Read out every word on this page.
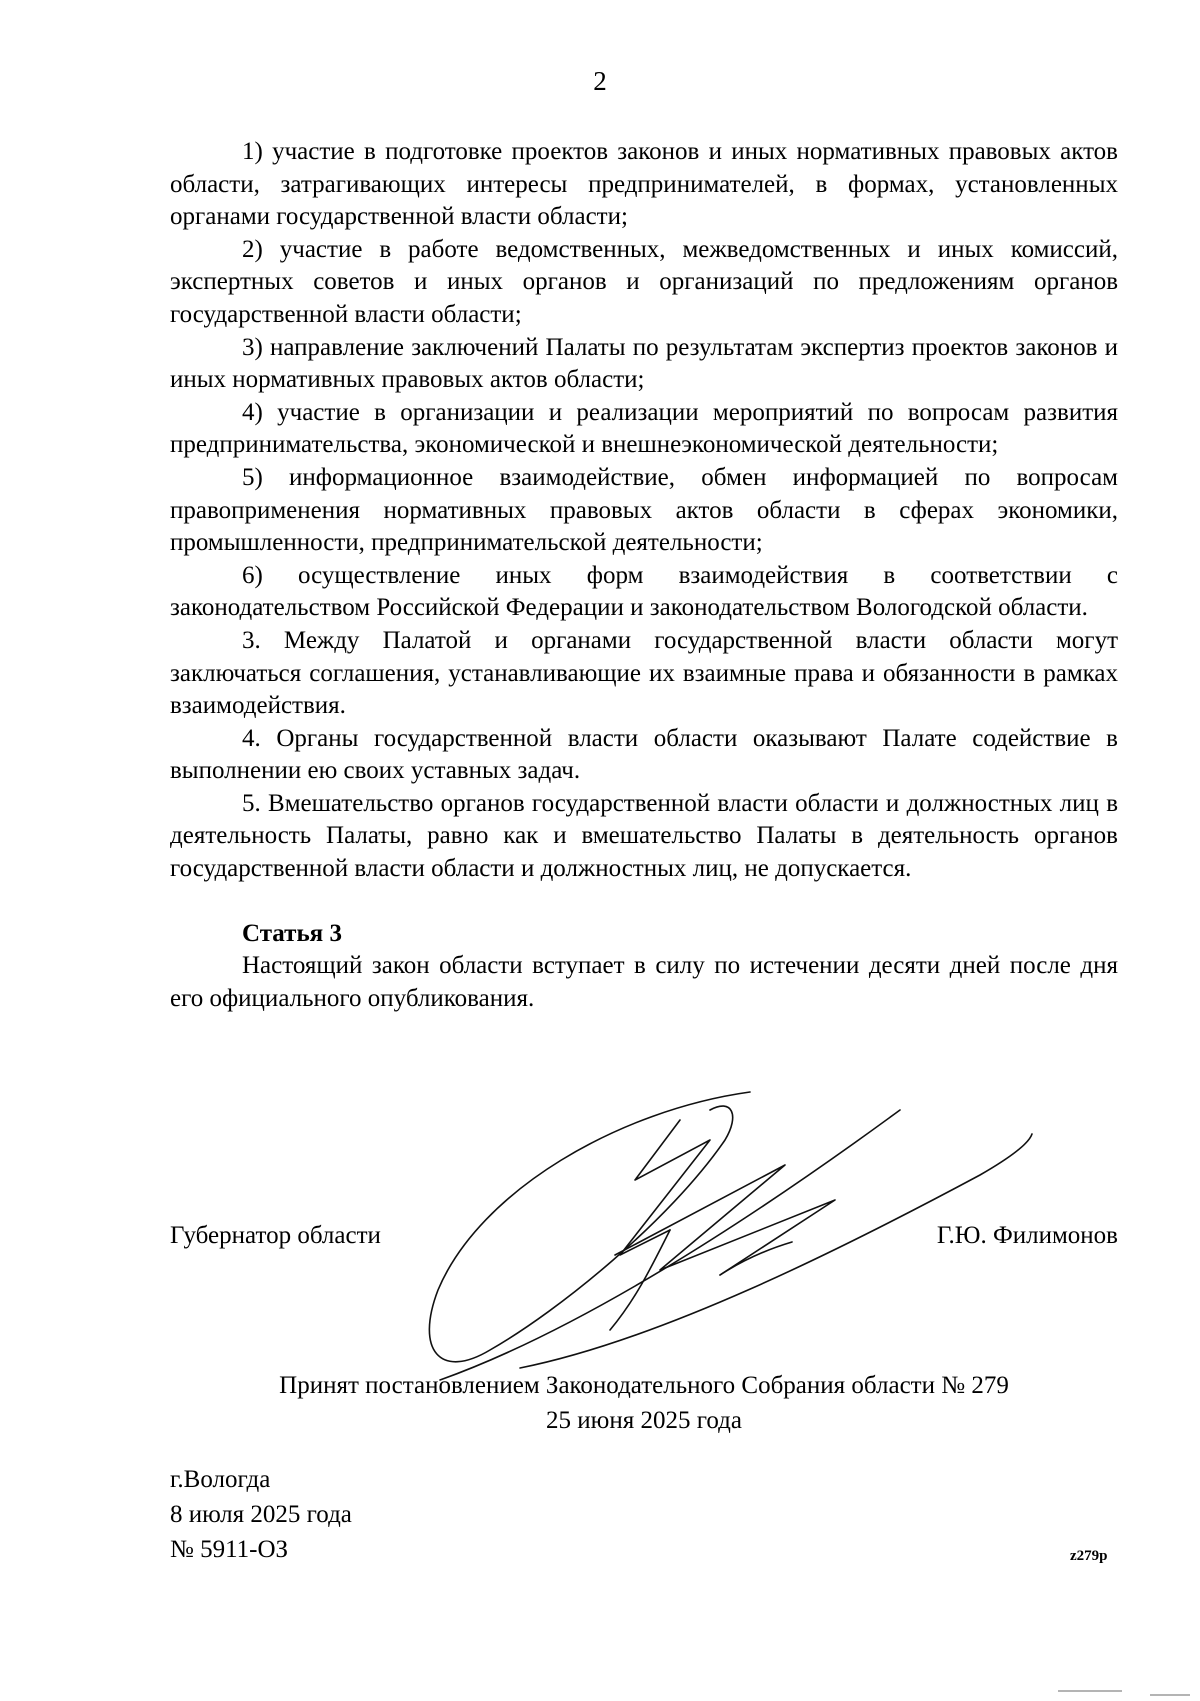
2

1) участие в подготовке проектов законов и иных нормативных правовых актов области, затрагивающих интересы предпринимателей, в формах, установленных органами государственной власти области;

2) участие в работе ведомственных, межведомственных и иных комиссий, экспертных советов и иных органов и организаций по предложениям органов государственной власти области;

3) направление заключений Палаты по результатам экспертиз проектов законов и иных нормативных правовых актов области;

4) участие в организации и реализации мероприятий по вопросам развития предпринимательства, экономической и внешнеэкономической деятельности;

5) информационное взаимодействие, обмен информацией по вопросам правоприменения нормативных правовых актов области в сферах экономики, промышленности, предпринимательской деятельности;

6) осуществление иных форм взаимодействия в соответствии с законодательством Российской Федерации и законодательством Вологодской области.

3. Между Палатой и органами государственной власти области могут заключаться соглашения, устанавливающие их взаимные права и обязанности в рамках взаимодействия.

4. Органы государственной власти области оказывают Палате содействие в выполнении ею своих уставных задач.

5. Вмешательство органов государственной власти области и должностных лиц в деятельность Палаты, равно как и вмешательство Палаты в деятельность органов государственной власти области и должностных лиц, не допускается.

Статья 3

Настоящий закон области вступает в силу по истечении десяти дней после дня его официального опубликования.

Губернатор области	Г.Ю. Филимонов
Принят постановлением Законодательного Собрания области № 279
25 июня 2025 года
г.Вологда
8 июля 2025 года
№ 5911-ОЗ	z279p
